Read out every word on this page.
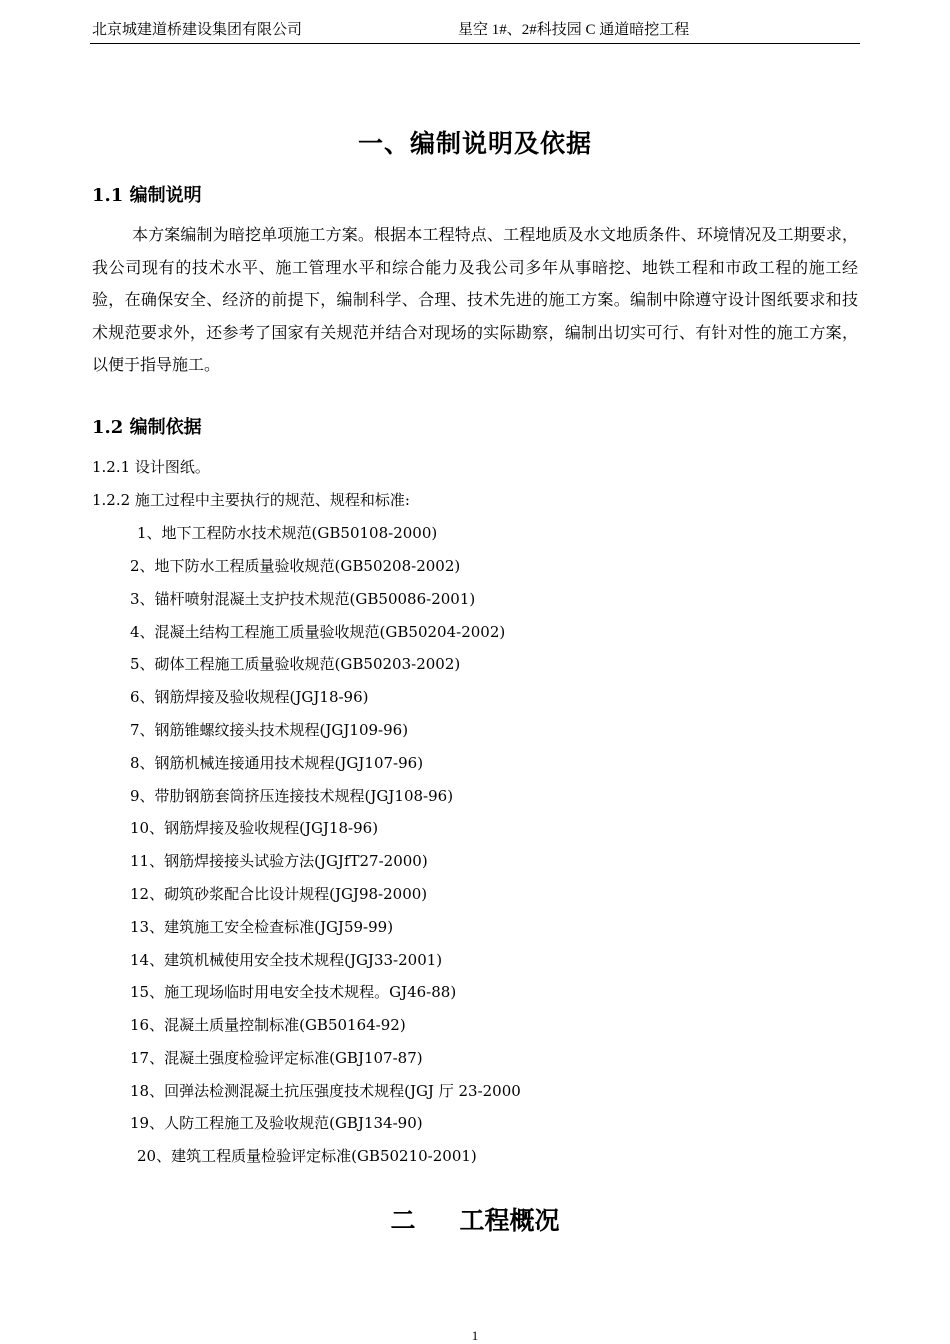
北京城建道桥建设集团有限公司	星空 1#、2#科技园 C 通道暗挖工程
一、编制说明及依据
1.1 编制说明

本方案编制为暗挖单项施工方案。根据本工程特点、工程地质及水文地质条件、环境情况及工期要求，我公司现有的技术水平、施工管理水平和综合能力及我公司多年从事暗挖、地铁工程和市政工程的施工经验，在确保安全、经济的前提下，编制科学、合理、技术先进的施工方案。编制中除遵守设计图纸要求和技术规范要求外，还参考了国家有关规范并结合对现场的实际勘察，编制出切实可行、有针对性的施工方案，以便于指导施工。

1.2 编制依据
1.2.1 设计图纸。
1.2.2 施工过程中主要执行的规范、规程和标准:
1、地下工程防水技术规范(GB50108-2000)
2、地下防水工程质量验收规范(GB50208-2002)
3、锚杆喷射混凝土支护技术规范(GB50086-2001)
4、混凝土结构工程施工质量验收规范(GB50204-2002)
5、砌体工程施工质量验收规范(GB50203-2002)
6、钢筋焊接及验收规程(JGJ18-96)
7、钢筋锥螺纹接头技术规程(JGJ109-96)
8、钢筋机械连接通用技术规程(JGJ107-96)
9、带肋钢筋套筒挤压连接技术规程(JGJ108-96)
10、钢筋焊接及验收规程(JGJ18-96)
11、钢筋焊接接头试验方法(JGJfT27-2000)
12、砌筑砂浆配合比设计规程(JGJ98-2000)
13、建筑施工安全检查标准(JGJ59-99)
14、建筑机械使用安全技术规程(JGJ33-2001)
15、施工现场临时用电安全技术规程。GJ46-88)
16、混凝土质量控制标准(GB50164-92)
17、混凝土强度检验评定标准(GBJ107-87)
18、回弹法检测混凝土抗压强度技术规程(JGJ 厅 23-2000
19、人防工程施工及验收规范(GBJ134-90)
20、建筑工程质量检验评定标准(GB50210-2001)
二 工程概况
1
